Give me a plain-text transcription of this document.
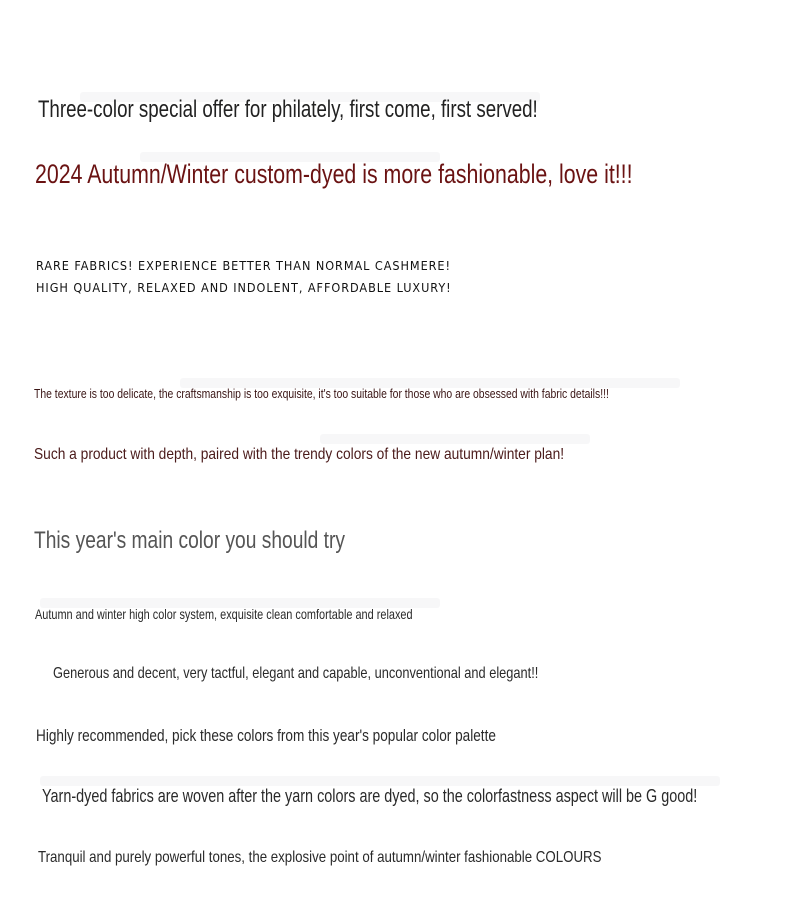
Three-color special offer for philately, first come, first served!

2024 Autumn/Winter custom-dyed is more fashionable, love it!!!

RARE FABRICS! EXPERIENCE BETTER THAN NORMAL CASHMERE!

HIGH QUALITY, RELAXED AND INDOLENT, AFFORDABLE LUXURY!

The texture is too delicate, the craftsmanship is too exquisite, it's too suitable for those who are obsessed with fabric details!!!

Such a product with depth, paired with the trendy colors of the new autumn/winter plan!

This year's main color you should try

Autumn and winter high color system, exquisite clean comfortable and relaxed

Generous and decent, very tactful, elegant and capable, unconventional and elegant!!

Highly recommended, pick these colors from this year's popular color palette

Yarn-dyed fabrics are woven after the yarn colors are dyed, so the colorfastness aspect will be G good!

Tranquil and purely powerful tones, the explosive point of autumn/winter fashionable COLOURS
